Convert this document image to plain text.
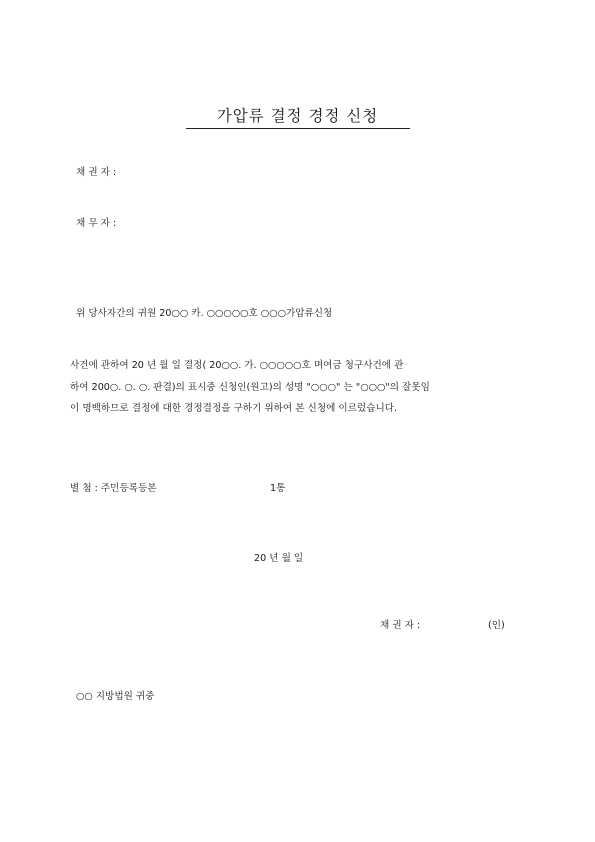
가압류 결정 경정 신청
채 권 자 :
채 무 자 :
위 당사자간의 귀원 20○○ 카. ○○○○○호 ○○○가압류신청
사건에 관하여 20 년 월 일 결정( 20○○. 가. ○○○○○호 며여금 청구사건에 관
하여 200○. ○. ○. 판결)의 표시중 신청인(원고)의 성명 "○○○" 는 "○○○"의 잘못임
이 명백하므로 결정에 대한 경정결정을 구하기 위하여 본 신청에 이르렀습니다.
별 첨 : 주민등록등본	1통
20 년 월 일
채 권 자 :	(인)
○○ 지방법원 귀중
